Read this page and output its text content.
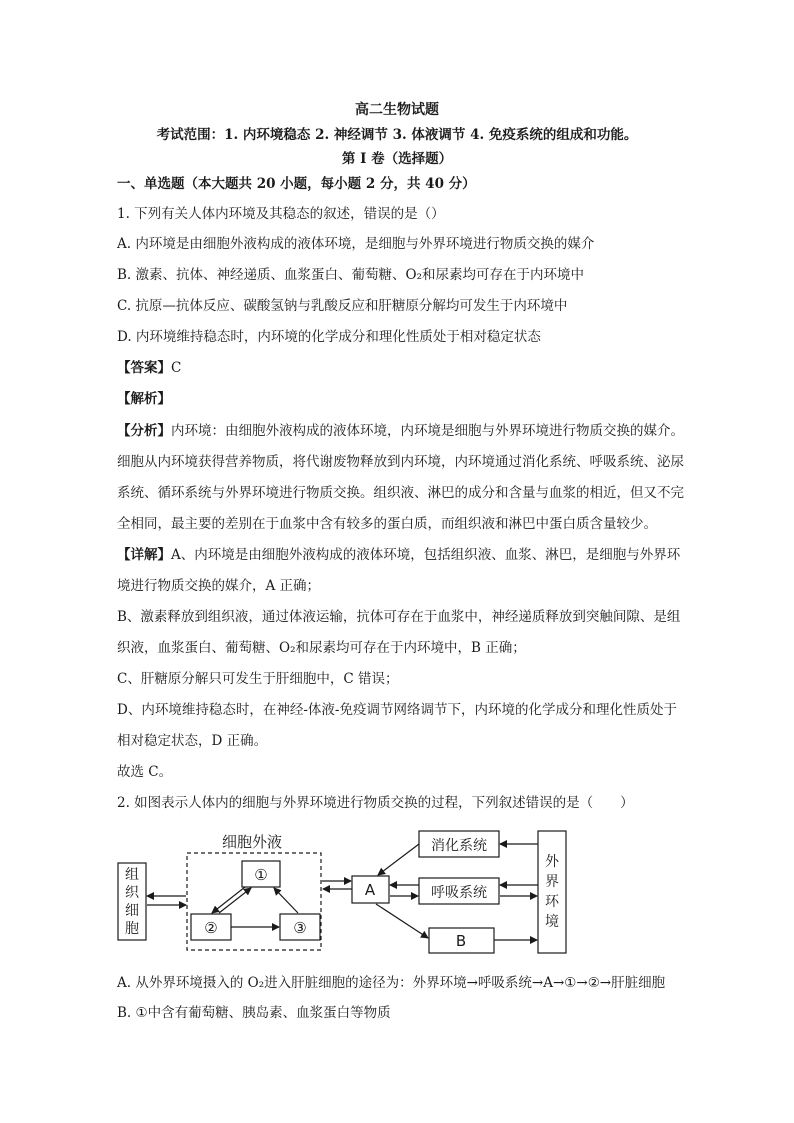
高二生物试题
考试范围：1. 内环境稳态 2. 神经调节 3. 体液调节 4. 免疫系统的组成和功能。
第 I 卷（选择题）
一、单选题（本大题共 20 小题，每小题 2 分，共 40 分）
1. 下列有关人体内环境及其稳态的叙述，错误的是（）
A. 内环境是由细胞外液构成的液体环境，是细胞与外界环境进行物质交换的媒介
B. 激素、抗体、神经递质、血浆蛋白、葡萄糖、O₂和尿素均可存在于内环境中
C. 抗原—抗体反应、碳酸氢钠与乳酸反应和肝糖原分解均可发生于内环境中
D. 内环境维持稳态时，内环境的化学成分和理化性质处于相对稳定状态
【答案】C
【解析】
【分析】内环境：由细胞外液构成的液体环境，内环境是细胞与外界环境进行物质交换的媒介。
细胞从内环境获得营养物质，将代谢废物释放到内环境，内环境通过消化系统、呼吸系统、泌尿
系统、循环系统与外界环境进行物质交换。组织液、淋巴的成分和含量与血浆的相近，但又不完
全相同，最主要的差别在于血浆中含有较多的蛋白质，而组织液和淋巴中蛋白质含量较少。
【详解】A、内环境是由细胞外液构成的液体环境，包括组织液、血浆、淋巴，是细胞与外界环
境进行物质交换的媒介，A 正确；
B、激素释放到组织液，通过体液运输，抗体可存在于血浆中，神经递质释放到突触间隙、是组
织液，血浆蛋白、葡萄糖、O₂和尿素均可存在于内环境中，B 正确；
C、肝糖原分解只可发生于肝细胞中，C 错误；
D、内环境维持稳态时，在神经-体液-免疫调节网络调节下，内环境的化学成分和理化性质处于
相对稳定状态，D 正确。
故选 C。
2. 如图表示人体内的细胞与外界环境进行物质交换的过程，下列叙述错误的是（　　）
组
织
细
胞
细胞外液
①
②	③
A
消化系统
呼吸系统
B
外
界
环
境
A. 从外界环境摄入的 O₂进入肝脏细胞的途径为：外界环境→呼吸系统→A→①→②→肝脏细胞
B. ①中含有葡萄糖、胰岛素、血浆蛋白等物质
